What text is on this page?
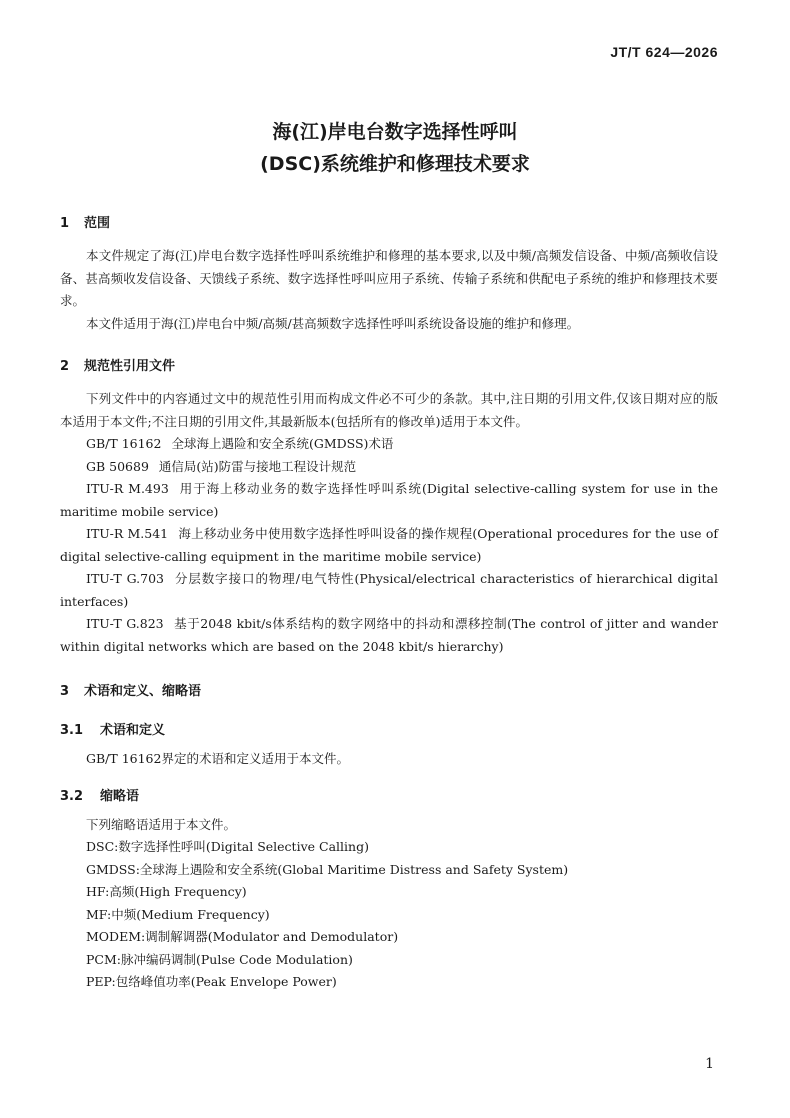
JT/T 624—2026
海(江)岸电台数字选择性呼叫
(DSC)系统维护和修理技术要求
1 范围
本文件规定了海(江)岸电台数字选择性呼叫系统维护和修理的基本要求,以及中频/高频发信设备、中频/高频收信设备、甚高频收发信设备、天馈线子系统、数字选择性呼叫应用子系统、传输子系统和供配电子系统的维护和修理技术要求。
本文件适用于海(江)岸电台中频/高频/甚高频数字选择性呼叫系统设备设施的维护和修理。
2 规范性引用文件
下列文件中的内容通过文中的规范性引用而构成文件必不可少的条款。其中,注日期的引用文件,仅该日期对应的版本适用于本文件;不注日期的引用文件,其最新版本(包括所有的修改单)适用于本文件。
GB/T 16162 全球海上遇险和安全系统(GMDSS)术语
GB 50689 通信局(站)防雷与接地工程设计规范
ITU-R M.493 用于海上移动业务的数字选择性呼叫系统(Digital selective-calling system for use in the maritime mobile service)
ITU-R M.541 海上移动业务中使用数字选择性呼叫设备的操作规程(Operational procedures for the use of digital selective-calling equipment in the maritime mobile service)
ITU-T G.703 分层数字接口的物理/电气特性(Physical/electrical characteristics of hierarchical digital interfaces)
ITU-T G.823 基于2048 kbit/s体系结构的数字网络中的抖动和漂移控制(The control of jitter and wander within digital networks which are based on the 2048 kbit/s hierarchy)
3 术语和定义、缩略语
3.1 术语和定义
GB/T 16162界定的术语和定义适用于本文件。
3.2 缩略语
下列缩略语适用于本文件。
DSC:数字选择性呼叫(Digital Selective Calling)
GMDSS:全球海上遇险和安全系统(Global Maritime Distress and Safety System)
HF:高频(High Frequency)
MF:中频(Medium Frequency)
MODEM:调制解调器(Modulator and Demodulator)
PCM:脉冲编码调制(Pulse Code Modulation)
PEP:包络峰值功率(Peak Envelope Power)
1
